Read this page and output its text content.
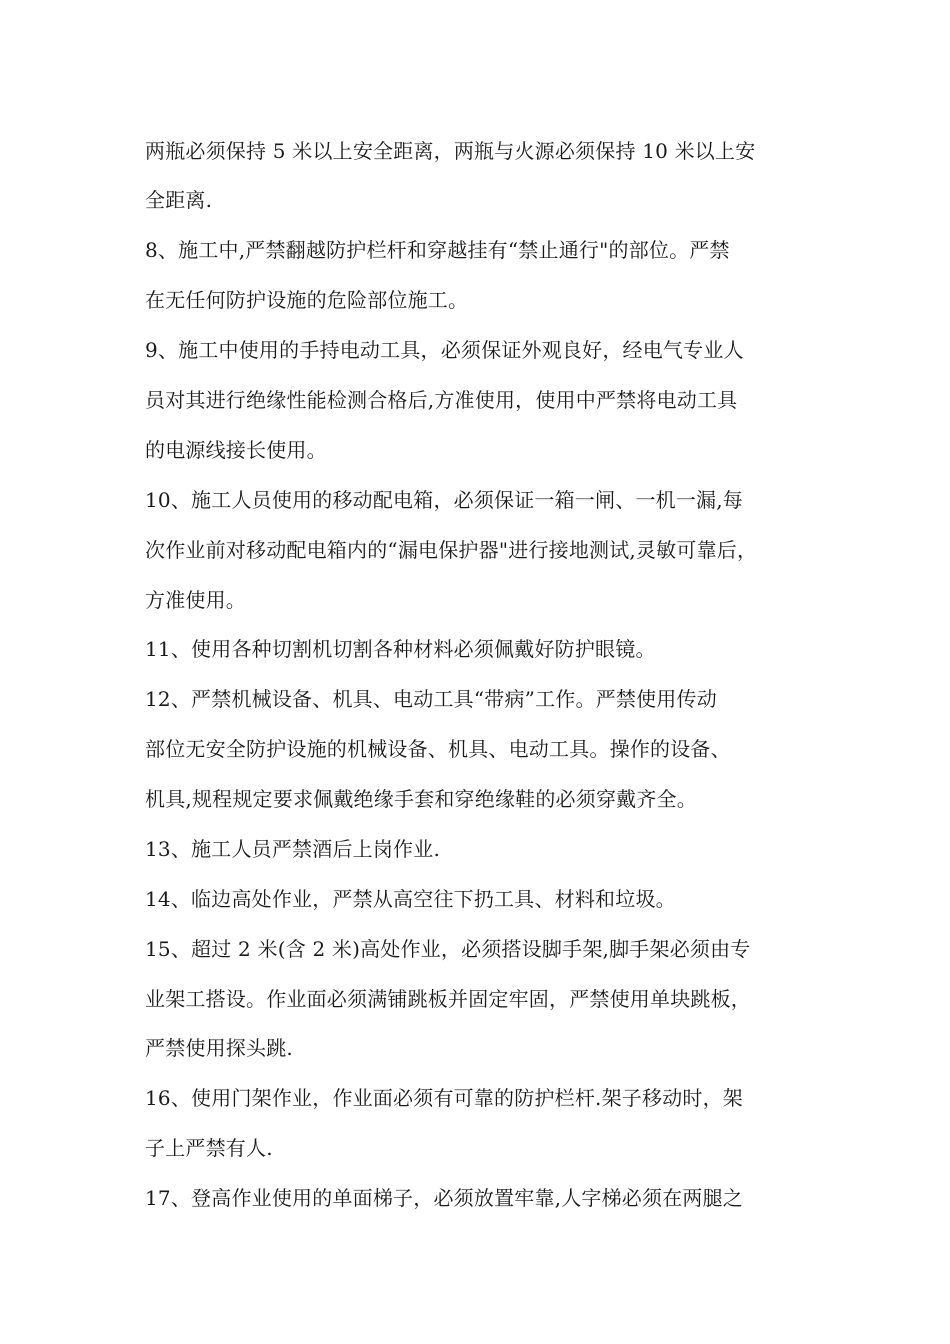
两瓶必须保持 5 米以上安全距离，两瓶与火源必须保持 10 米以上安
全距离.
8、施工中,严禁翻越防护栏杆和穿越挂有“禁止通行"的部位。严禁
在无任何防护设施的危险部位施工。
9、施工中使用的手持电动工具，必须保证外观良好，经电气专业人
员对其进行绝缘性能检测合格后,方准使用，使用中严禁将电动工具
的电源线接长使用。
10、施工人员使用的移动配电箱，必须保证一箱一闸、一机一漏,每
次作业前对移动配电箱内的“漏电保护器"进行接地测试,灵敏可靠后，
方准使用。
11、使用各种切割机切割各种材料必须佩戴好防护眼镜。
12、严禁机械设备、机具、电动工具“带病”工作。严禁使用传动
部位无安全防护设施的机械设备、机具、电动工具。操作的设备、
机具,规程规定要求佩戴绝缘手套和穿绝缘鞋的必须穿戴齐全。
13、施工人员严禁酒后上岗作业.
14、临边高处作业，严禁从高空往下扔工具、材料和垃圾。
15、超过 2 米(含 2 米)高处作业，必须搭设脚手架,脚手架必须由专
业架工搭设。作业面必须满铺跳板并固定牢固，严禁使用单块跳板，
严禁使用探头跳.
16、使用门架作业，作业面必须有可靠的防护栏杆.架子移动时，架
子上严禁有人.
17、登高作业使用的单面梯子，必须放置牢靠,人字梯必须在两腿之
